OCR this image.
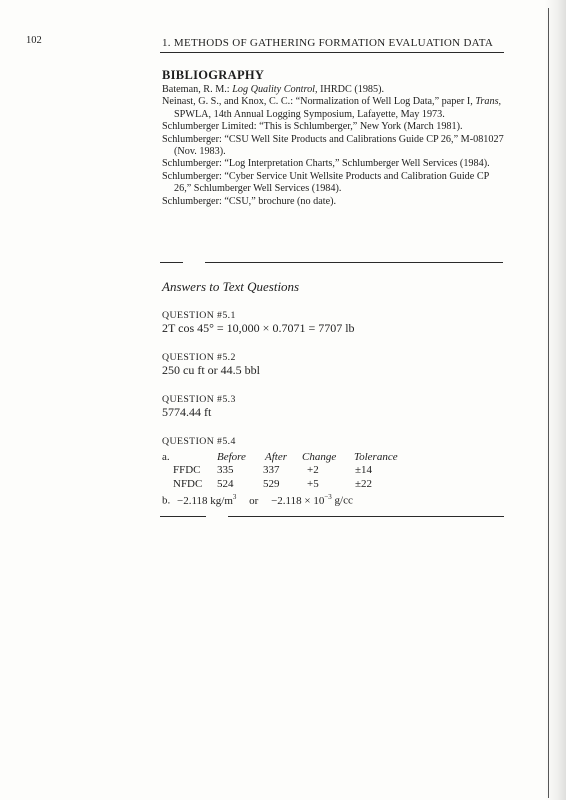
102	1. METHODS OF GATHERING FORMATION EVALUATION DATA
BIBLIOGRAPHY
Bateman, R. M.: Log Quality Control, IHRDC (1985).
Neinast, G. S., and Knox, C. C.: “Normalization of Well Log Data,” paper I, Trans, SPWLA, 14th Annual Logging Symposium, Lafayette, May 1973.
Schlumberger Limited: “This is Schlumberger,” New York (March 1981).
Schlumberger: “CSU Well Site Products and Calibrations Guide CP 26,” M-081027 (Nov. 1983).
Schlumberger: “Log Interpretation Charts,” Schlumberger Well Services (1984).
Schlumberger: “Cyber Service Unit Wellsite Products and Calibration Guide CP 26,” Schlumberger Well Services (1984).
Schlumberger: “CSU,” brochure (no date).
Answers to Text Questions
QUESTION #5.1
2T cos 45° = 10,000 × 0.7071 = 7707 lb
QUESTION #5.2
250 cu ft or 44.5 bbl
QUESTION #5.3
5774.44 ft
QUESTION #5.4
a.	Before After Change Tolerance
FFDC 335	337	+2	±14
NFDC 524	529	+5	±22
b. −2.118 $kg/m^3$ or $-2.118 \times 10^{-3}$ g/cc
